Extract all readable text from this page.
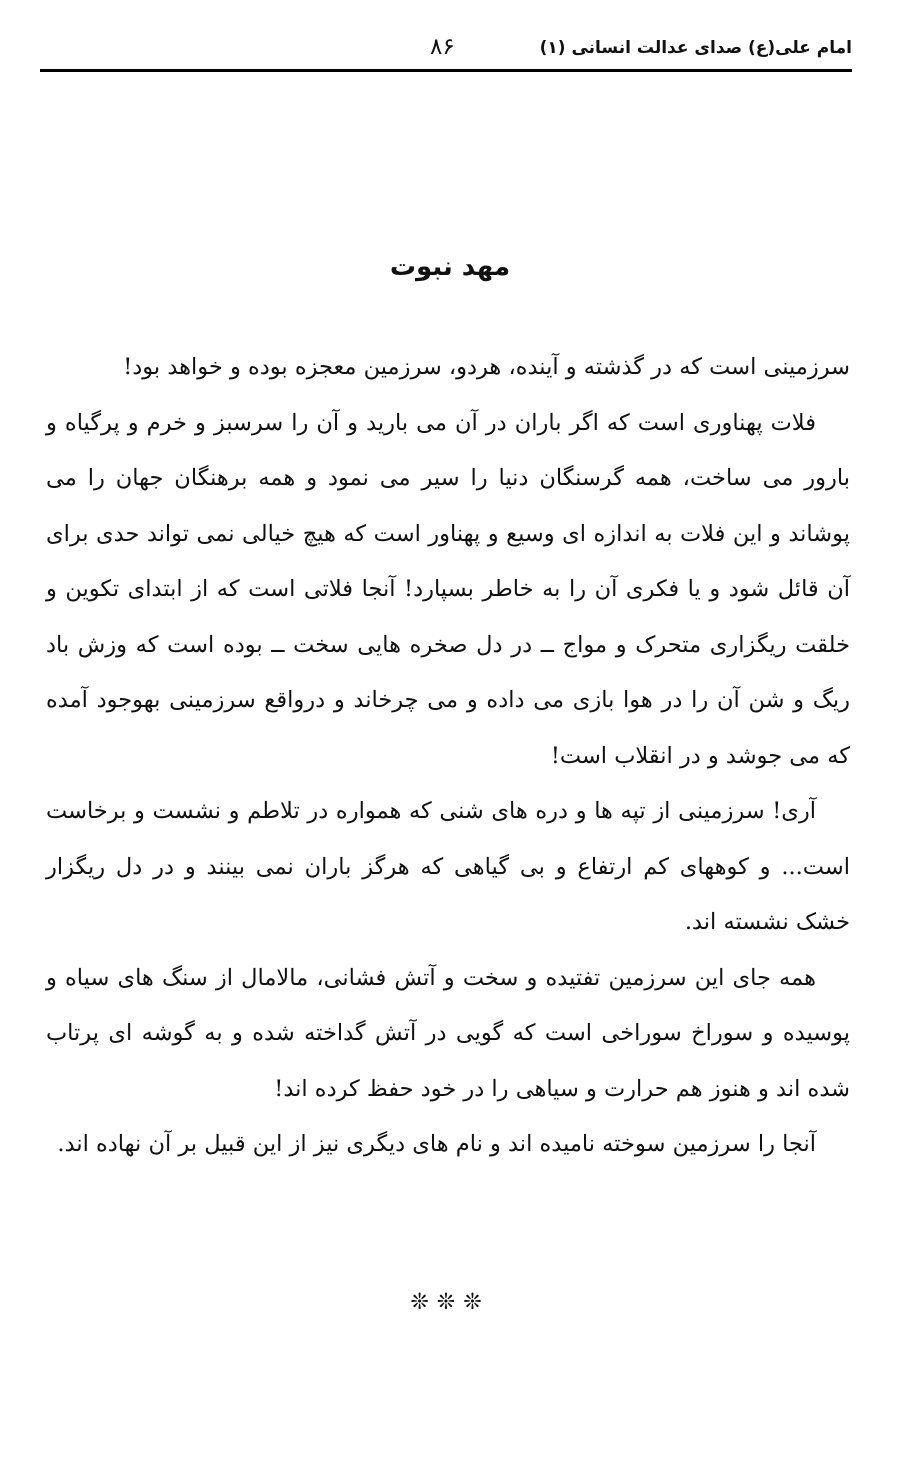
امام علی(ع) صدای عدالت انسانی (۱)
۸۶
مهد نبوت

سرزمینی است که در گذشته و آینده، هردو، سرزمین معجزه بوده و خواهد بود!

فلات پهناوری است که اگر باران در آن می بارید و آن را سرسبز و خرم و پرگیاه و بارور می ساخت، همه گرسنگان دنیا را سیر می نمود و همه برهنگان جهان را می پوشاند و این فلات به اندازه ای وسیع و پهناور است که هیچ خیالی نمی تواند حدی برای آن قائل شود و یا فکری آن را به خاطر بسپارد! آنجا فلاتی است که از ابتدای تکوین و خلقت ریگزاری متحرک و مواج ــ در دل صخره هایی سخت ــ بوده است که وزش باد ریگ و شن آن را در هوا بازی می داده و می چرخاند و درواقع سرزمینی بهوجود آمده که می جوشد و در انقلاب است!

آری! سرزمینی از تپه ها و دره های شنی که همواره در تلاطم و نشست و برخاست است... و کوههای کم ارتفاع و بی گیاهی که هرگز باران نمی بینند و در دل ریگزار خشک نشسته اند.

همه جای این سرزمین تفتیده و سخت و آتش فشانی، مالامال از سنگ های سیاه و پوسیده و سوراخ سوراخی است که گویی در آتش گداخته شده و به گوشه ای پرتاب شده اند و هنوز هم حرارت و سیاهی را در خود حفظ کرده اند!

آنجا را سرزمین سوخته نامیده اند و نام های دیگری نیز از این قبیل بر آن نهاده اند.

❊❊❊
